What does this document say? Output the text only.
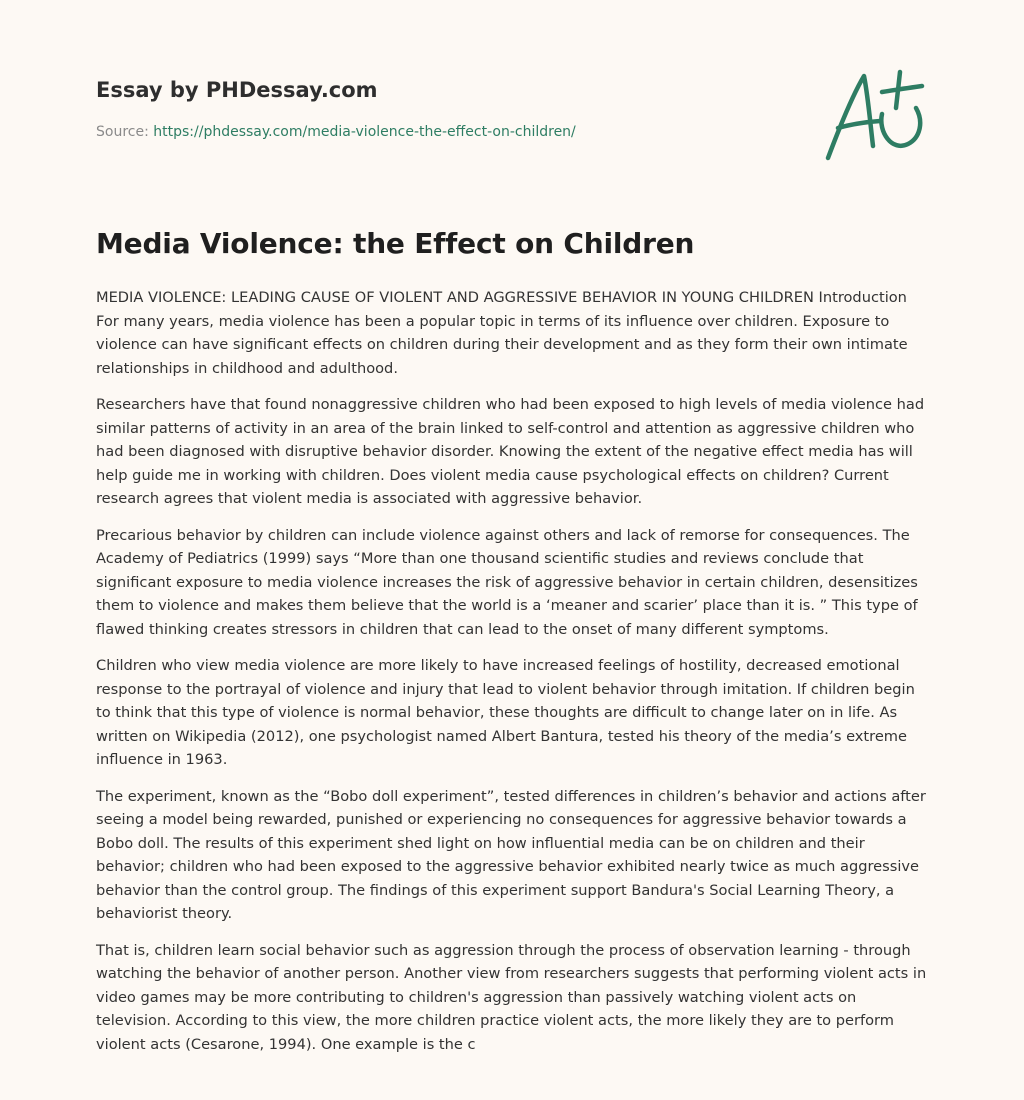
Essay by PHDessay.com
Source: https://phdessay.com/media-violence-the-effect-on-children/
Media Violence: the Effect on Children

MEDIA VIOLENCE: LEADING CAUSE OF VIOLENT AND AGGRESSIVE BEHAVIOR IN YOUNG CHILDREN Introduction For many years, media violence has been a popular topic in terms of its influence over children. Exposure to violence can have significant effects on children during their development and as they form their own intimate relationships in childhood and adulthood.

Researchers have that found nonaggressive children who had been exposed to high levels of media violence had similar patterns of activity in an area of the brain linked to self-control and attention as aggressive children who had been diagnosed with disruptive behavior disorder. Knowing the extent of the negative effect media has will help guide me in working with children. Does violent media cause psychological effects on children? Current research agrees that violent media is associated with aggressive behavior.

Precarious behavior by children can include violence against others and lack of remorse for consequences. The Academy of Pediatrics (1999) says “More than one thousand scientific studies and reviews conclude that significant exposure to media violence increases the risk of aggressive behavior in certain children, desensitizes them to violence and makes them believe that the world is a ‘meaner and scarier’ place than it is. ” This type of flawed thinking creates stressors in children that can lead to the onset of many different symptoms.

Children who view media violence are more likely to have increased feelings of hostility, decreased emotional response to the portrayal of violence and injury that lead to violent behavior through imitation. If children begin to think that this type of violence is normal behavior, these thoughts are difficult to change later on in life. As written on Wikipedia (2012), one psychologist named Albert Bantura, tested his theory of the media’s extreme influence in 1963.

The experiment, known as the “Bobo doll experiment”, tested differences in children’s behavior and actions after seeing a model being rewarded, punished or experiencing no consequences for aggressive behavior towards a Bobo doll. The results of this experiment shed light on how influential media can be on children and their behavior; children who had been exposed to the aggressive behavior exhibited nearly twice as much aggressive behavior than the control group. The findings of this experiment support Bandura's Social Learning Theory, a behaviorist theory.

That is, children learn social behavior such as aggression through the process of observation learning - through watching the behavior of another person. Another view from researchers suggests that performing violent acts in video games may be more contributing to children's aggression than passively watching violent acts on television. According to this view, the more children practice violent acts, the more likely they are to perform violent acts (Cesarone, 1994). One example is the c
